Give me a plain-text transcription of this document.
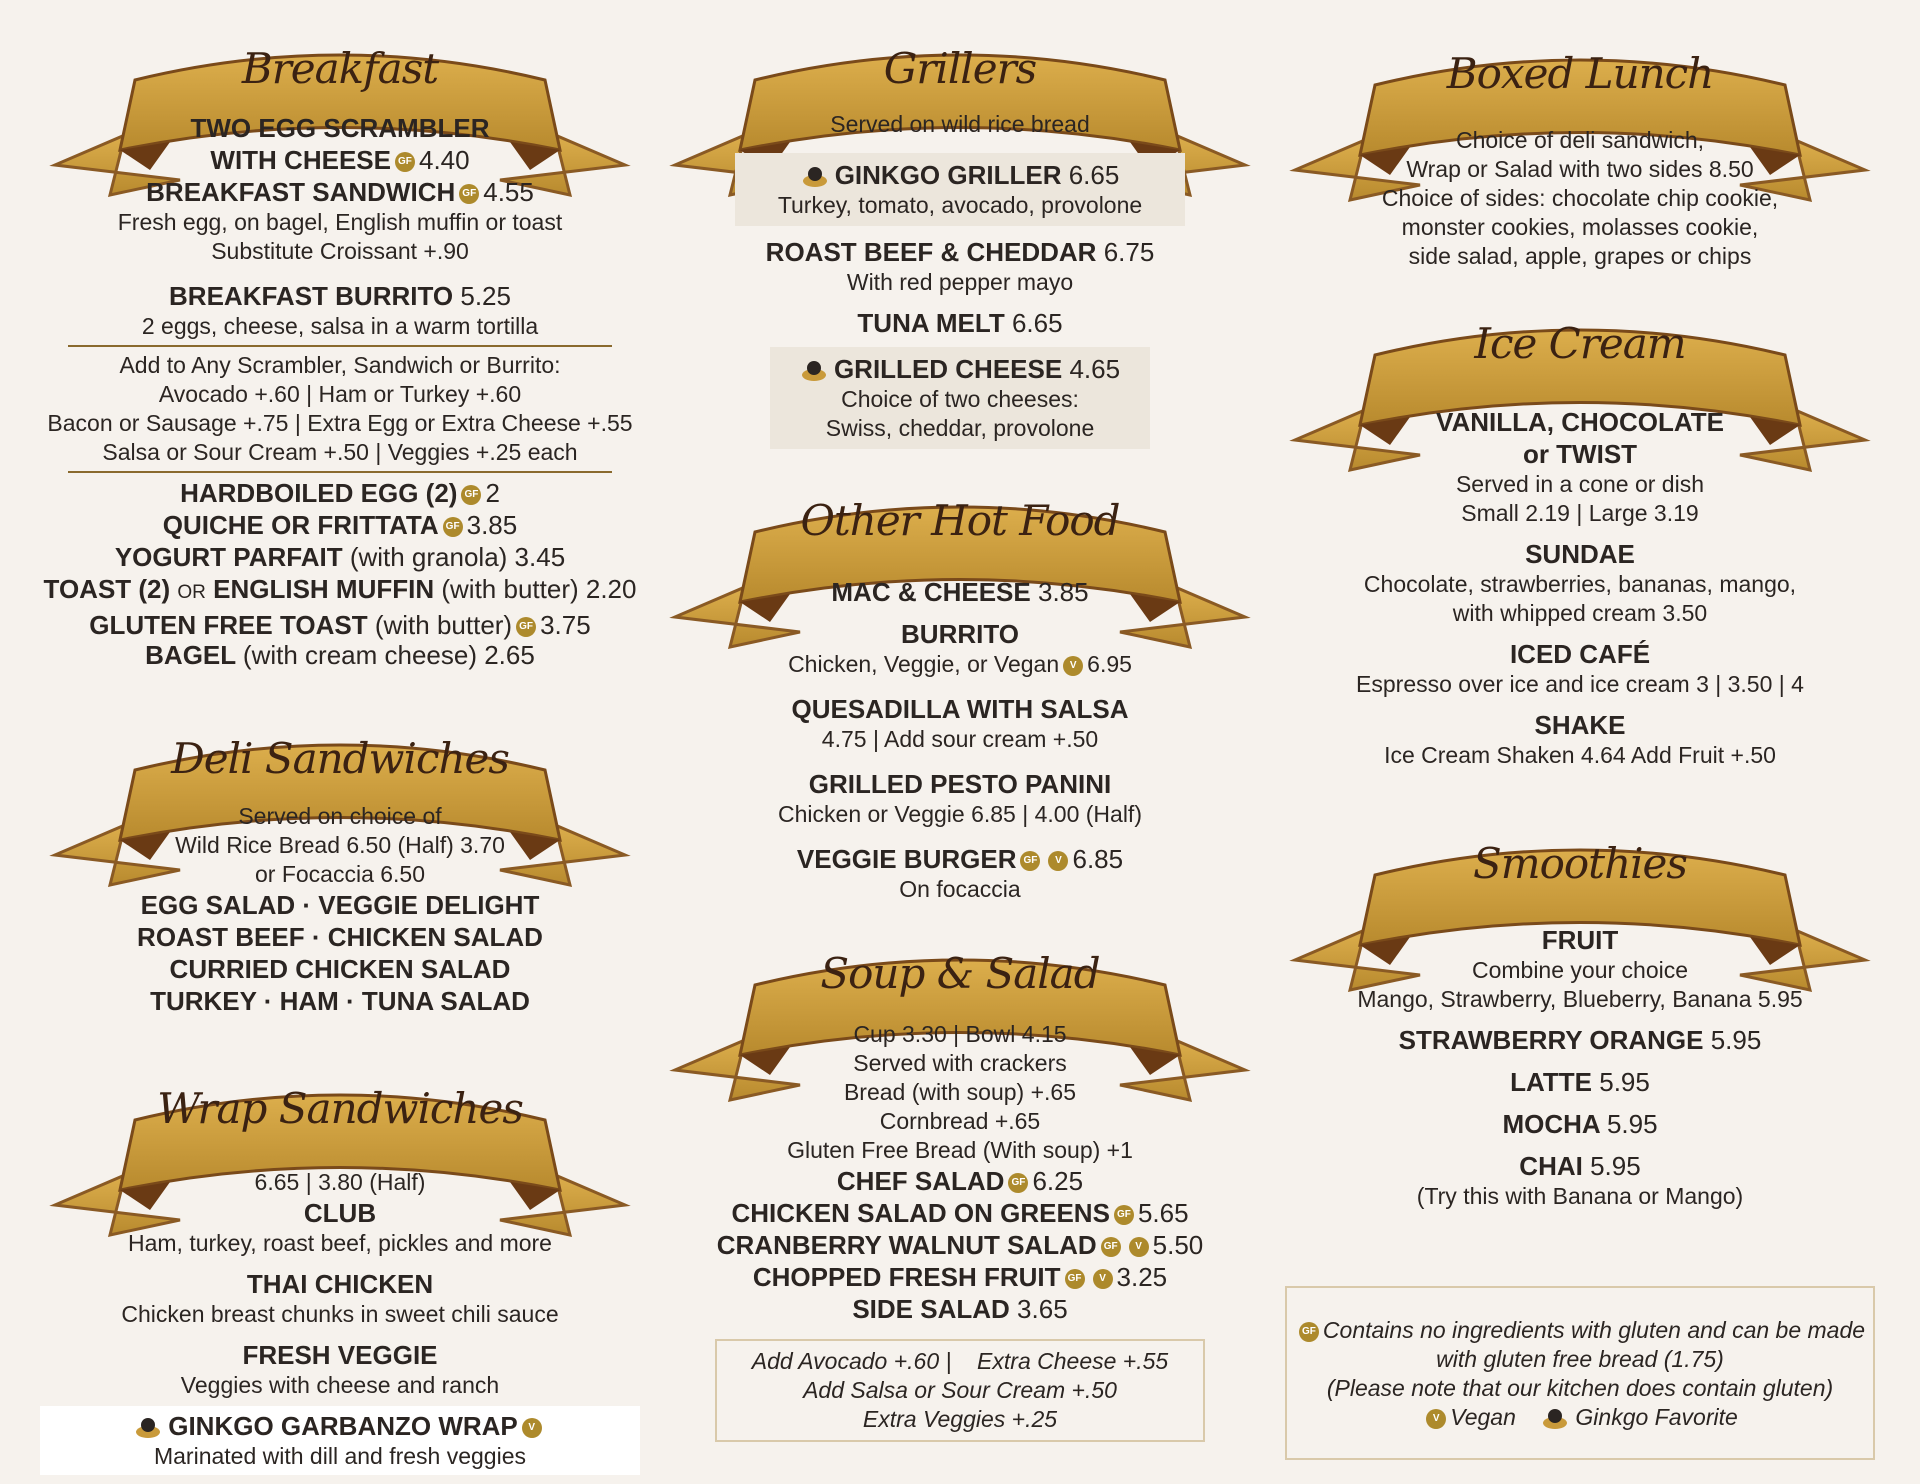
Breakfast
TWO EGG SCRAMBLER
WITH CHEESE GF 4.40
BREAKFAST SANDWICH GF 4.55
Fresh egg, on bagel, English muffin or toast
Substitute Croissant +.90
BREAKFAST BURRITO 5.25
2 eggs, cheese, salsa in a warm tortilla
Add to Any Scrambler, Sandwich or Burrito:
Avocado +.60 | Ham or Turkey +.60
Bacon or Sausage +.75 | Extra Egg or Extra Cheese +.55
Salsa or Sour Cream +.50 | Veggies +.25 each
HARDBOILED EGG (2) GF 2
QUICHE OR FRITTATA GF 3.85
YOGURT PARFAIT (with granola) 3.45
TOAST (2) OR ENGLISH MUFFIN (with butter) 2.20
GLUTEN FREE TOAST (with butter) GF 3.75
BAGEL (with cream cheese) 2.65
Deli Sandwiches
Served on choice of
Wild Rice Bread 6.50 (Half) 3.70
or Focaccia 6.50
EGG SALAD · VEGGIE DELIGHT
ROAST BEEF · CHICKEN SALAD
CURRIED CHICKEN SALAD
TURKEY · HAM · TUNA SALAD
Wrap Sandwiches
6.65 | 3.80 (Half)
CLUB
Ham, turkey, roast beef, pickles and more
THAI CHICKEN
Chicken breast chunks in sweet chili sauce
FRESH VEGGIE
Veggies with cheese and ranch
GINKGO GARBANZO WRAP V
Marinated with dill and fresh veggies
Grillers
Served on wild rice bread
GINKGO GRILLER 6.65
Turkey, tomato, avocado, provolone
ROAST BEEF & CHEDDAR 6.75
With red pepper mayo
TUNA MELT 6.65
GRILLED CHEESE 4.65
Choice of two cheeses:
Swiss, cheddar, provolone
Other Hot Food
MAC & CHEESE 3.85
BURRITO
Chicken, Veggie, or Vegan V 6.95
QUESADILLA WITH SALSA
4.75 | Add sour cream +.50
GRILLED PESTO PANINI
Chicken or Veggie 6.85 | 4.00 (Half)
VEGGIE BURGER GF V 6.85
On focaccia
Soup & Salad
Cup 3.30 | Bowl 4.15
Served with crackers
Bread (with soup) +.65
Cornbread +.65
Gluten Free Bread (With soup) +1
CHEF SALAD GF 6.25
CHICKEN SALAD ON GREENS GF 5.65
CRANBERRY WALNUT SALAD GF V 5.50
CHOPPED FRESH FRUIT GF V 3.25
SIDE SALAD 3.65
Add Avocado +.60 |    Extra Cheese +.55
Add Salsa or Sour Cream +.50
Extra Veggies +.25
Boxed Lunch
Choice of deli sandwich,
Wrap or Salad with two sides 8.50
Choice of sides: chocolate chip cookie,
monster cookies, molasses cookie,
side salad, apple, grapes or chips
Ice Cream
VANILLA, CHOCOLATE
or TWIST
Served in a cone or dish
Small 2.19 | Large 3.19
SUNDAE
Chocolate, strawberries, bananas, mango,
with whipped cream 3.50
ICED CAFÉ
Espresso over ice and ice cream 3 | 3.50 | 4
SHAKE
Ice Cream Shaken 4.64 Add Fruit +.50
Smoothies
FRUIT
Combine your choice
Mango, Strawberry, Blueberry, Banana 5.95
STRAWBERRY ORANGE 5.95
LATTE 5.95
MOCHA 5.95
CHAI 5.95
(Try this with Banana or Mango)
GF Contains no ingredients with gluten and can be made
with gluten free bread (1.75)
(Please note that our kitchen does contain gluten)
V Vegan	Ginkgo Favorite
